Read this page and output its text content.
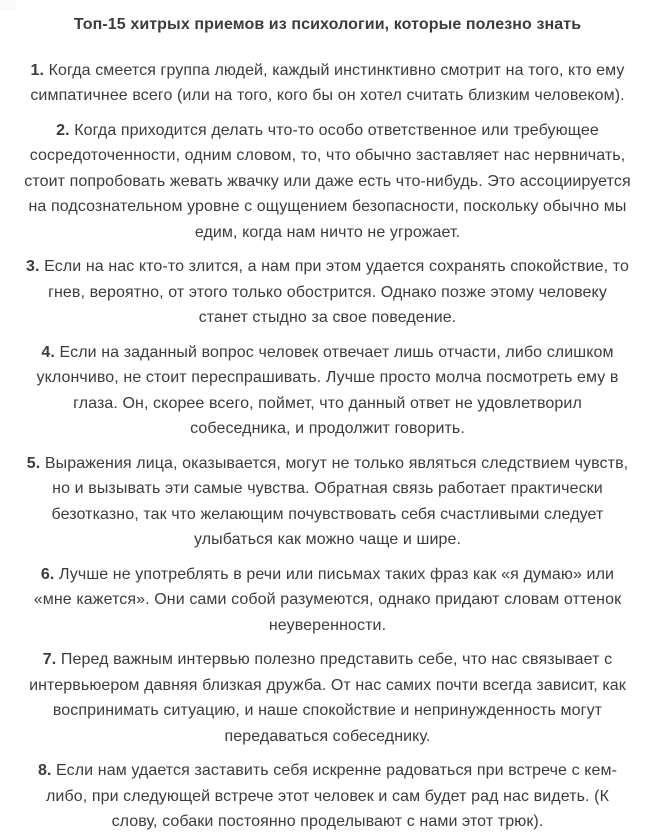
Топ-15 хитрых приемов из психологии, которые полезно знать

1. Когда смеется группа людей, каждый инстинктивно смотрит на того, кто ему симпатичнее всего (или на того, кого бы он хотел считать близким человеком).

2. Когда приходится делать что-то особо ответственное или требующее сосредоточенности, одним словом, то, что обычно заставляет нас нервничать, стоит попробовать жевать жвачку или даже есть что-нибудь. Это ассоциируется на подсознательном уровне с ощущением безопасности, поскольку обычно мы едим, когда нам ничто не угрожает.

3. Если на нас кто-то злится, а нам при этом удается сохранять спокойствие, то гнев, вероятно, от этого только обострится. Однако позже этому человеку станет стыдно за свое поведение.

4. Если на заданный вопрос человек отвечает лишь отчасти, либо слишком уклончиво, не стоит переспрашивать. Лучше просто молча посмотреть ему в глаза. Он, скорее всего, поймет, что данный ответ не удовлетворил собеседника, и продолжит говорить.

5. Выражения лица, оказывается, могут не только являться следствием чувств, но и вызывать эти самые чувства. Обратная связь работает практически безотказно, так что желающим почувствовать себя счастливыми следует улыбаться как можно чаще и шире.

6. Лучше не употреблять в речи или письмах таких фраз как «я думаю» или «мне кажется». Они сами собой разумеются, однако придают словам оттенок неуверенности.

7. Перед важным интервью полезно представить себе, что нас связывает с интервьюером давняя близкая дружба. От нас самих почти всегда зависит, как воспринимать ситуацию, и наше спокойствие и непринужденность могут передаваться собеседнику.

8. Если нам удается заставить себя искренне радоваться при встрече с кем-либо, при следующей встрече этот человек и сам будет рад нас видеть. (К слову, собаки постоянно проделывают с нами этот трюк).
